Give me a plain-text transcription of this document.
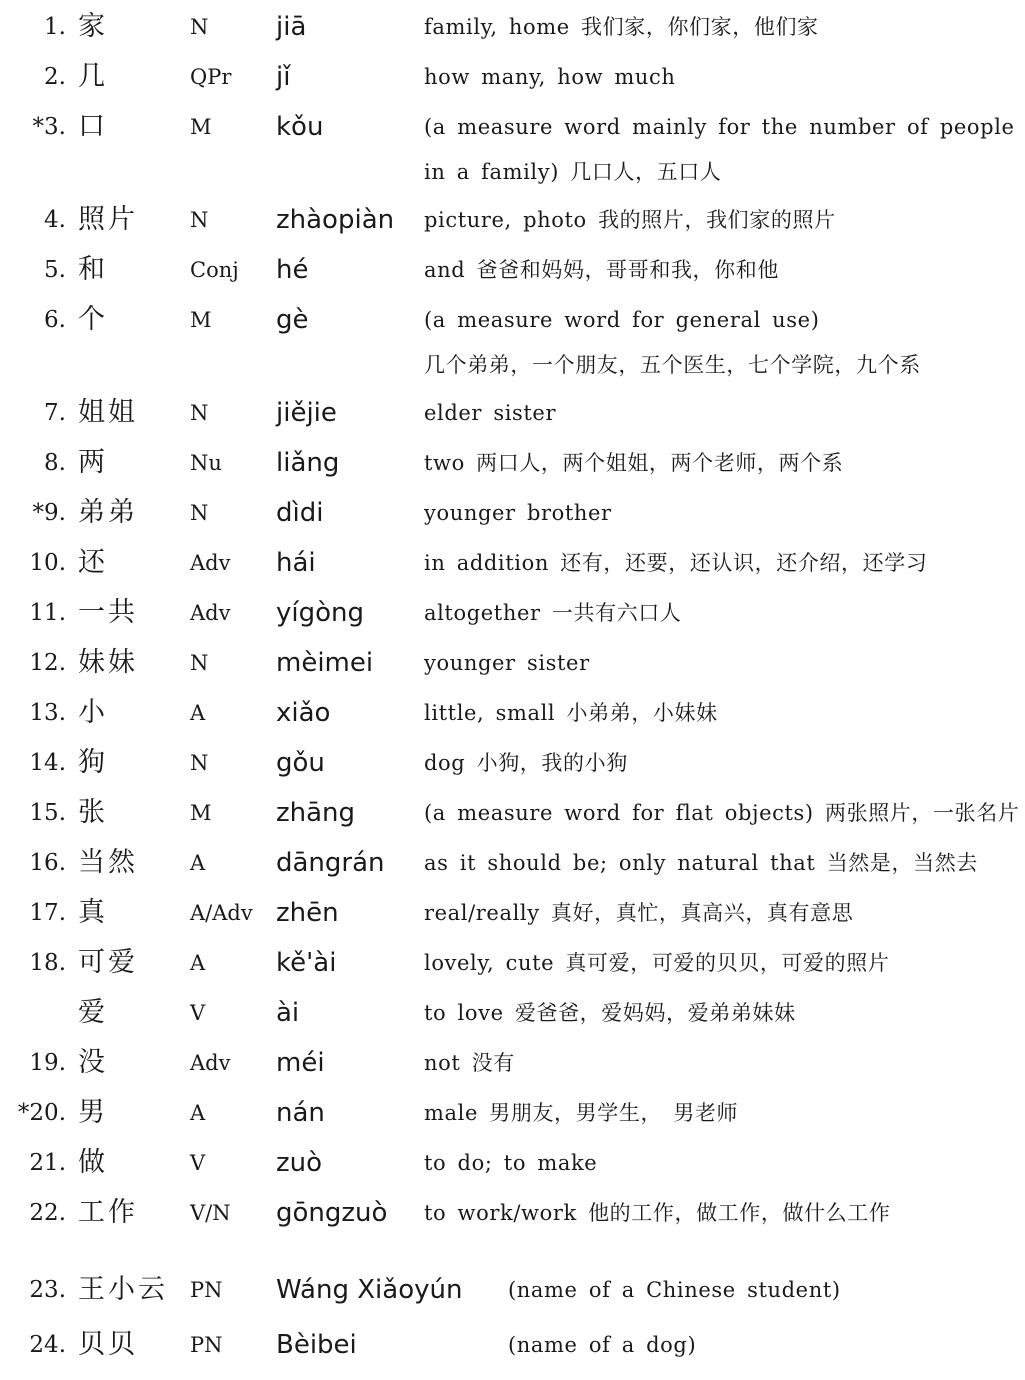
1. 家	N	jiā	family, home 我们家，你们家，他们家
2. 几	QPr jǐ	how many, how much
*3. 口	M kǒu	(a measure word mainly for the number of people
in a family) 几口人，五口人
4. 照片 N	zhàopiàn picture, photo 我的照片，我们家的照片
5. 和	Conj hé	and 爸爸和妈妈，哥哥和我，你和他
6. 个	M gè	(a measure word for general use)
几个弟弟，一个朋友，五个医生，七个学院，九个系
7. 姐姐 N	jiějie	elder sister
8. 两	Nu liǎng	two 两口人，两个姐姐，两个老师，两个系
*9. 弟弟 N	dìdi	younger brother
10. 还	Adv hái	in addition 还有，还要，还认识，还介绍，还学习
11. 一共 Adv yígòng	altogether 一共有六口人
12. 妹妹 N	mèimei younger sister
13. 小	A	xiǎo	little, small 小弟弟，小妹妹
14. 狗	N	gǒu	dog 小狗，我的小狗
15. 张	M zhāng	(a measure word for flat objects) 两张照片，一张名片
16. 当然 A	dāngrán as it should be; only natural that 当然是，当然去
17. 真	A/Adv zhēn	real/really 真好，真忙，真高兴，真有意思
18. 可爱 A	kě'ài	lovely, cute 真可爱，可爱的贝贝，可爱的照片
爱	V	ài	to love 爱爸爸，爱妈妈，爱弟弟妹妹
19. 没	Adv méi	not 没有
*20. 男	A	nán	male 男朋友，男学生， 男老师
21. 做	V	zuò	to do; to make
22. 工作 V/N gōngzuò to work/work 他的工作，做工作，做什么工作
23. 王小云 PN Wáng Xiǎoyún (name of a Chinese student)
24. 贝贝 PN Bèibei	(name of a dog)
